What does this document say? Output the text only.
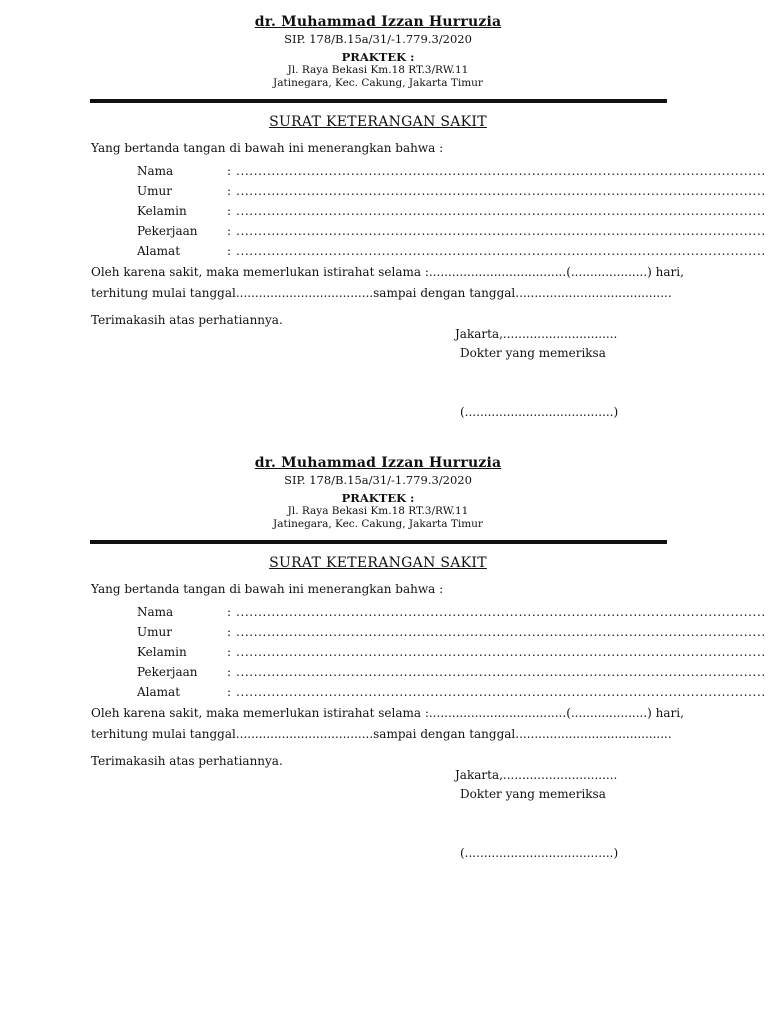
dr. Muhammad Izzan Hurruzia
SIP. 178/B.15a/31/-1.779.3/2020
PRAKTEK :
Jl. Raya Bekasi Km.18 RT.3/RW.11
Jatinegara, Kec. Cakung, Jakarta Timur
SURAT KETERANGAN SAKIT
Yang bertanda tangan di bawah ini menerangkan bahwa :
Nama	: ........................................................................................................................
Umur	: ........................................................................................................................
Kelamin	: ........................................................................................................................
Pekerjaan : ........................................................................................................................
Alamat	: ........................................................................................................................
Oleh karena sakit, maka memerlukan istirahat selama :....................................(....................) hari,
terhitung mulai tanggal....................................sampai dengan tanggal.........................................
Terimakasih atas perhatiannya.
Jakarta,..............................
Dokter yang memeriksa
(.......................................)
dr. Muhammad Izzan Hurruzia
SIP. 178/B.15a/31/-1.779.3/2020
PRAKTEK :
Jl. Raya Bekasi Km.18 RT.3/RW.11
Jatinegara, Kec. Cakung, Jakarta Timur
SURAT KETERANGAN SAKIT
Yang bertanda tangan di bawah ini menerangkan bahwa :
Nama	: ........................................................................................................................
Umur	: ........................................................................................................................
Kelamin	: ........................................................................................................................
Pekerjaan : ........................................................................................................................
Alamat	: ........................................................................................................................
Oleh karena sakit, maka memerlukan istirahat selama :....................................(....................) hari,
terhitung mulai tanggal....................................sampai dengan tanggal.........................................
Terimakasih atas perhatiannya.
Jakarta,..............................
Dokter yang memeriksa
(.......................................)
